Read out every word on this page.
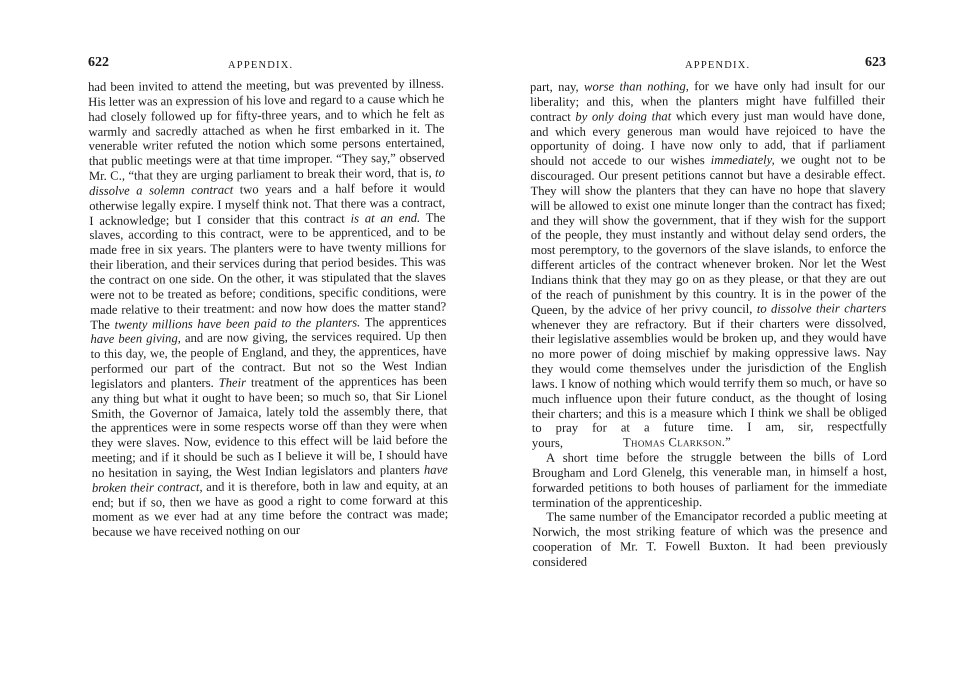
622	APPENDIX.

had been invited to attend the meeting, but was prevented by illness. His letter was an expression of his love and regard to a cause which he had closely followed up for fifty-three years, and to which he felt as warmly and sacredly attached as when he first embarked in it. The venerable writer refuted the notion which some persons entertained, that public meetings were at that time improper. “They say,” observed Mr. C., “that they are urging parliament to break their word, that is, to dissolve a solemn contract two years and a half before it would otherwise legally expire. I myself think not. That there was a contract, I acknowledge; but I consider that this contract is at an end. The slaves, according to this contract, were to be apprenticed, and to be made free in six years. The planters were to have twenty millions for their liberation, and their services during that period besides. This was the contract on one side. On the other, it was stipulated that the slaves were not to be treated as before; conditions, specific conditions, were made relative to their treatment: and now how does the matter stand? The twenty millions have been paid to the planters. The apprentices have been giving, and are now giving, the services required. Up then to this day, we, the people of England, and they, the apprentices, have performed our part of the contract. But not so the West Indian legislators and planters. Their treatment of the apprentices has been any thing but what it ought to have been; so much so, that Sir Lionel Smith, the Governor of Jamaica, lately told the assembly there, that the apprentices were in some respects worse off than they were when they were slaves. Now, evidence to this effect will be laid before the meeting; and if it should be such as I believe it will be, I should have no hesitation in saying, the West Indian legislators and planters have broken their contract, and it is therefore, both in law and equity, at an end; but if so, then we have as good a right to come forward at this moment as we ever had at any time before the contract was made; because we have received nothing on our

APPENDIX.	623

part, nay, worse than nothing, for we have only had insult for our liberality; and this, when the planters might have fulfilled their contract by only doing that which every just man would have done, and which every generous man would have rejoiced to have the opportunity of doing. I have now only to add, that if parliament should not accede to our wishes immediately, we ought not to be discouraged. Our present petitions cannot but have a desirable effect. They will show the planters that they can have no hope that slavery will be allowed to exist one minute longer than the contract has fixed; and they will show the government, that if they wish for the support of the people, they must instantly and without delay send orders, the most peremptory, to the governors of the slave islands, to enforce the different articles of the contract whenever broken. Nor let the West Indians think that they may go on as they please, or that they are out of the reach of punishment by this country. It is in the power of the Queen, by the advice of her privy council, to dissolve their charters whenever they are refractory. But if their charters were dissolved, their legislative assemblies would be broken up, and they would have no more power of doing mischief by making oppressive laws. Nay they would come themselves under the jurisdiction of the English laws. I know of nothing which would terrify them so much, or have so much influence upon their future conduct, as the thought of losing their charters; and this is a measure which I think we shall be obliged to pray for at a future time. I am, sir, respectfully yours,	Thomas Clarkson.”

A short time before the struggle between the bills of Lord Brougham and Lord Glenelg, this venerable man, in himself a host, forwarded petitions to both houses of parliament for the immediate termination of the apprenticeship.

The same number of the Emancipator recorded a public meeting at Norwich, the most striking feature of which was the presence and cooperation of Mr. T. Fowell Buxton. It had been previously considered
